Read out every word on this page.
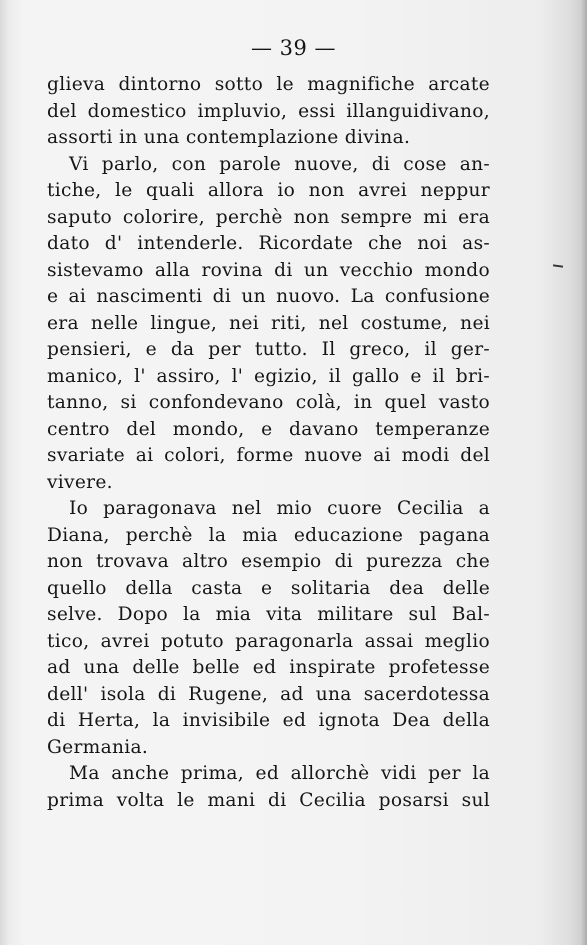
— 39 —
glieva dintorno sotto le magnifiche arcate
del domestico impluvio, essi illanguidivano,
assorti in una contemplazione divina.
Vi parlo, con parole nuove, di cose an-
tiche, le quali allora io non avrei neppur
saputo colorire, perchè non sempre mi era
dato d' intenderle. Ricordate che noi as-
sistevamo alla rovina di un vecchio mondo
e ai nascimenti di un nuovo. La confusione
era nelle lingue, nei riti, nel costume, nei
pensieri, e da per tutto. Il greco, il ger-
manico, l' assiro, l' egizio, il gallo e il bri-
tanno, si confondevano colà, in quel vasto
centro del mondo, e davano temperanze
svariate ai colori, forme nuove ai modi del
vivere.
Io paragonava nel mio cuore Cecilia a
Diana, perchè la mia educazione pagana
non trovava altro esempio di purezza che
quello della casta e solitaria dea delle
selve. Dopo la mia vita militare sul Bal-
tico, avrei potuto paragonarla assai meglio
ad una delle belle ed inspirate profetesse
dell' isola di Rugene, ad una sacerdotessa
di Herta, la invisibile ed ignota Dea della
Germania.
Ma anche prima, ed allorchè vidi per la
prima volta le mani di Cecilia posarsi sul
